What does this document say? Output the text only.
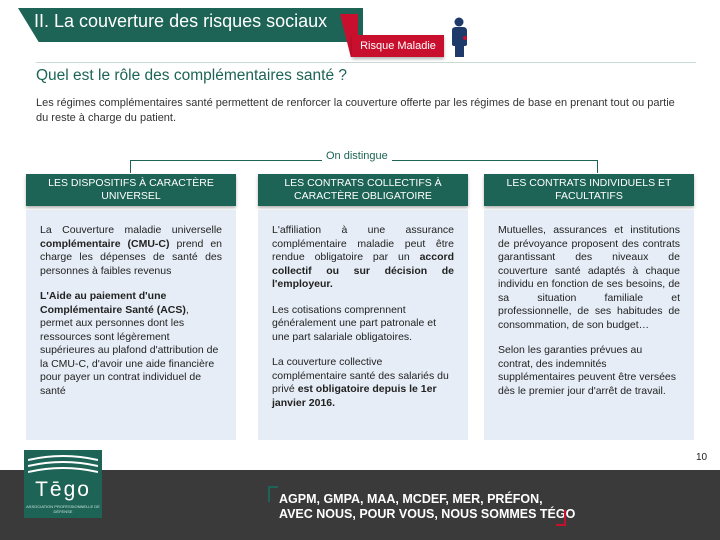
II. La couverture des risques sociaux
Risque Maladie
Quel est le rôle des complémentaires santé ?
Les régimes complémentaires santé permettent de renforcer la couverture offerte par les régimes de base en prenant tout ou partie du reste à charge du patient.
On distingue
LES DISPOSITIFS À CARACTÈRE UNIVERSEL

La Couverture maladie universelle complémentaire (CMU-C) prend en charge les dépenses de santé des personnes à faibles revenus

L'Aide au paiement d'une Complémentaire Santé (ACS), permet aux personnes dont les ressources sont légèrement supérieures au plafond d'attribution de la CMU-C, d'avoir une aide financière pour payer un contrat individuel de santé

LES CONTRATS COLLECTIFS À CARACTÈRE OBLIGATOIRE

L'affiliation à une assurance complémentaire maladie peut être rendue obligatoire par un accord collectif ou sur décision de l'employeur.

Les cotisations comprennent généralement une part patronale et une part salariale obligatoires.

La couverture collective complémentaire santé des salariés du privé est obligatoire depuis le 1er janvier 2016.

LES CONTRATS INDIVIDUELS ET FACULTATIFS

Mutuelles, assurances et institutions de prévoyance proposent des contrats garantissant des niveaux de couverture santé adaptés à chaque individu en fonction de ses besoins, de sa situation familiale et professionnelle, de ses habitudes de consommation, de son budget…

Selon les garanties prévues au contrat, des indemnités supplémentaires peuvent être versées dès le premier jour d'arrêt de travail.

10
Tēgo
ASSOCIATION PROFESSIONNELLE DE DÉFENSE
AGPM, GMPA, MAA, MCDEF, MER, PRÉFON,
AVEC NOUS, POUR VOUS, NOUS SOMMES TÉGO
